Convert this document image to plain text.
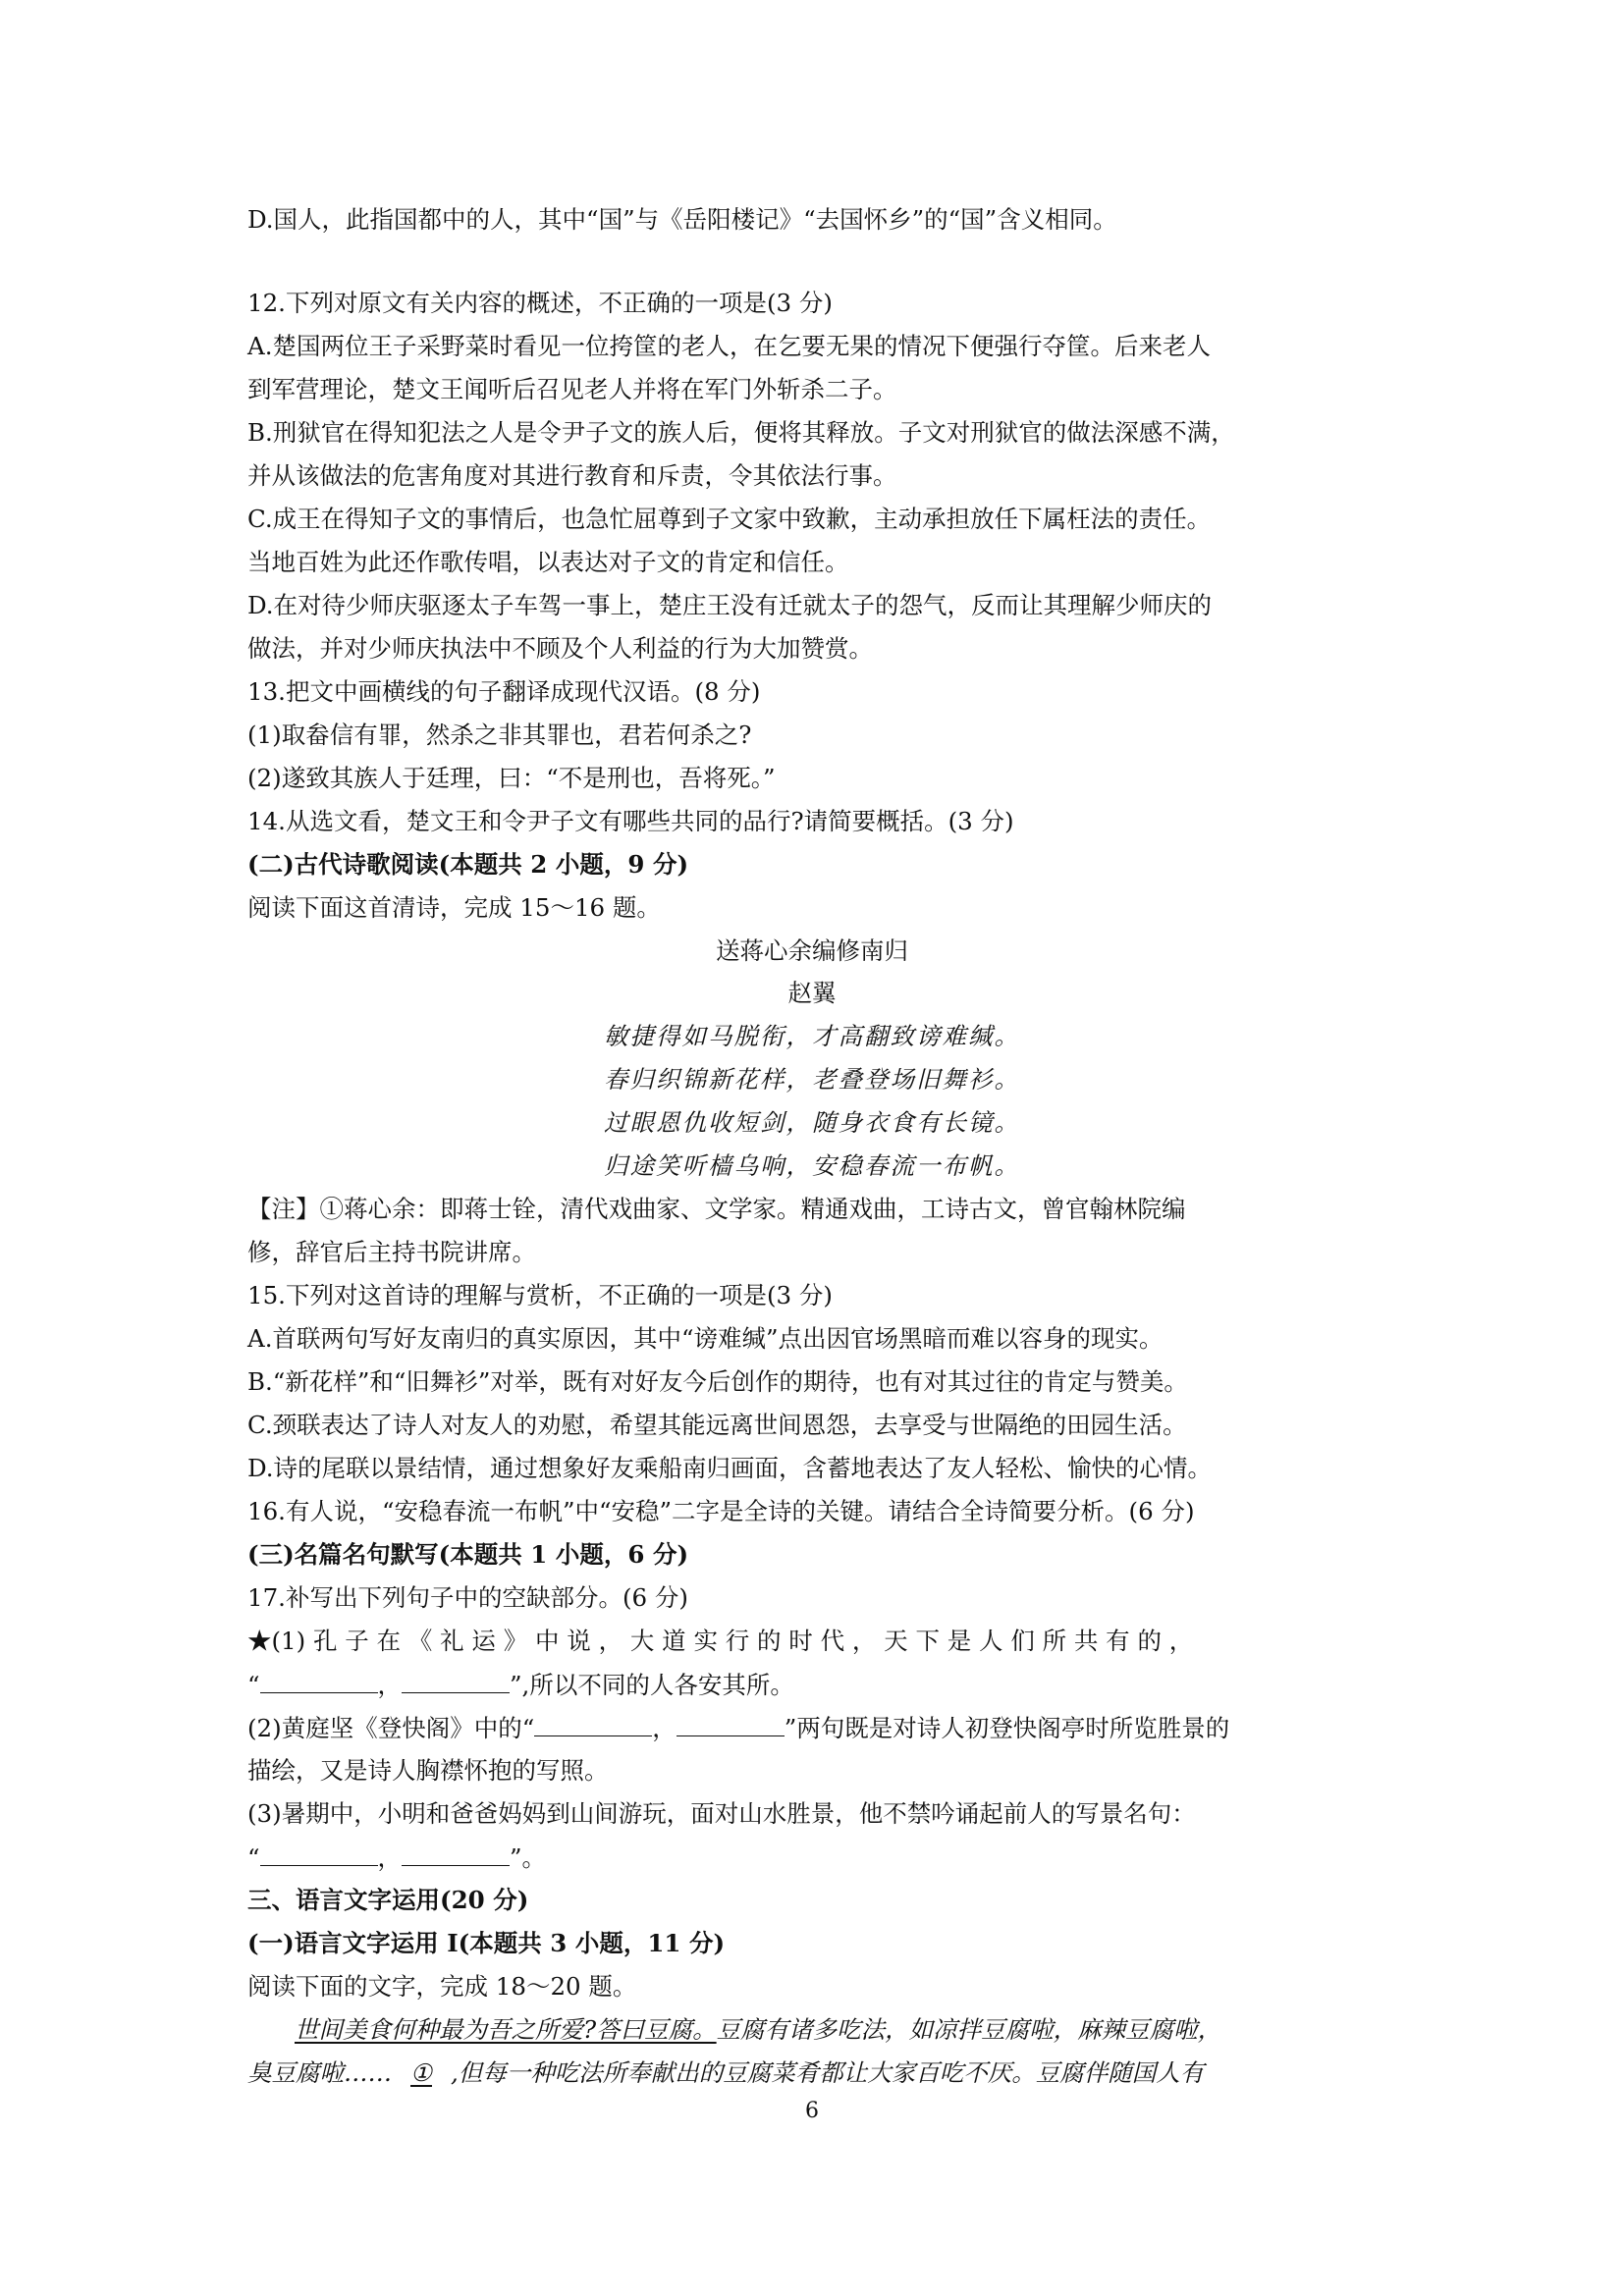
D.国人，此指国都中的人，其中“国”与《岳阳楼记》“去国怀乡”的“国”含义相同。
12.下列对原文有关内容的概述，不正确的一项是(3 分)
A.楚国两位王子采野菜时看见一位挎筐的老人，在乞要无果的情况下便强行夺筐。后来老人
到军营理论，楚文王闻听后召见老人并将在军门外斩杀二子。
B.刑狱官在得知犯法之人是令尹子文的族人后，便将其释放。子文对刑狱官的做法深感不满，
并从该做法的危害角度对其进行教育和斥责，令其依法行事。
C.成王在得知子文的事情后，也急忙屈尊到子文家中致歉，主动承担放任下属枉法的责任。
当地百姓为此还作歌传唱，以表达对子文的肯定和信任。
D.在对待少师庆驱逐太子车驾一事上，楚庄王没有迁就太子的怨气，反而让其理解少师庆的
做法，并对少师庆执法中不顾及个人利益的行为大加赞赏。
13.把文中画横线的句子翻译成现代汉语。(8 分)
(1)取畚信有罪，然杀之非其罪也，君若何杀之?
(2)遂致其族人于廷理，曰：“不是刑也，吾将死。”
14.从选文看，楚文王和令尹子文有哪些共同的品行?请简要概括。(3 分)
(二)古代诗歌阅读(本题共 2 小题，9 分)
阅读下面这首清诗，完成 15～16 题。
送蒋心余编修南归
赵翼
敏捷得如马脱衔，才高翻致谤难缄。
春归织锦新花样，老叠登场旧舞衫。
过眼恩仇收短剑，随身衣食有长镜。
归途笑听樯乌响，安稳春流一布帆。
【注】①蒋心余：即蒋士铨，清代戏曲家、文学家。精通戏曲，工诗古文，曾官翰林院编
修，辞官后主持书院讲席。
15.下列对这首诗的理解与赏析，不正确的一项是(3 分)
A.首联两句写好友南归的真实原因，其中“谤难缄”点出因官场黑暗而难以容身的现实。
B.“新花样”和“旧舞衫”对举，既有对好友今后创作的期待，也有对其过往的肯定与赞美。
C.颈联表达了诗人对友人的劝慰，希望其能远离世间恩怨，去享受与世隔绝的田园生活。
D.诗的尾联以景结情，通过想象好友乘船南归画面，含蓄地表达了友人轻松、愉快的心情。
16.有人说，“安稳春流一布帆”中“安稳”二字是全诗的关键。请结合全诗简要分析。(6 分)
(三)名篇名句默写(本题共 1 小题，6 分)
17.补写出下列句子中的空缺部分。(6 分)
★(1) 孔 子 在 《 礼 运 》 中 说 ， 大 道 实 行 的 时 代 ， 天 下 是 人 们 所 共 有 的 ，
“	，	”,所以不同的人各安其所。
(2)黄庭坚《登快阁》中的“	，	”两句既是对诗人初登快阁亭时所览胜景的
描绘，又是诗人胸襟怀抱的写照。
(3)暑期中，小明和爸爸妈妈到山间游玩，面对山水胜景，他不禁吟诵起前人的写景名句：
“	，	”。
三、语言文字运用(20 分)
(一)语言文字运用 I(本题共 3 小题，11 分)
阅读下面的文字，完成 18～20 题。
世间美食何种最为吾之所爱?答曰豆腐。豆腐有诸多吃法，如凉拌豆腐啦，麻辣豆腐啦，
臭豆腐啦…… ① ,但每一种吃法所奉献出的豆腐菜肴都让大家百吃不厌。豆腐伴随国人有
6
